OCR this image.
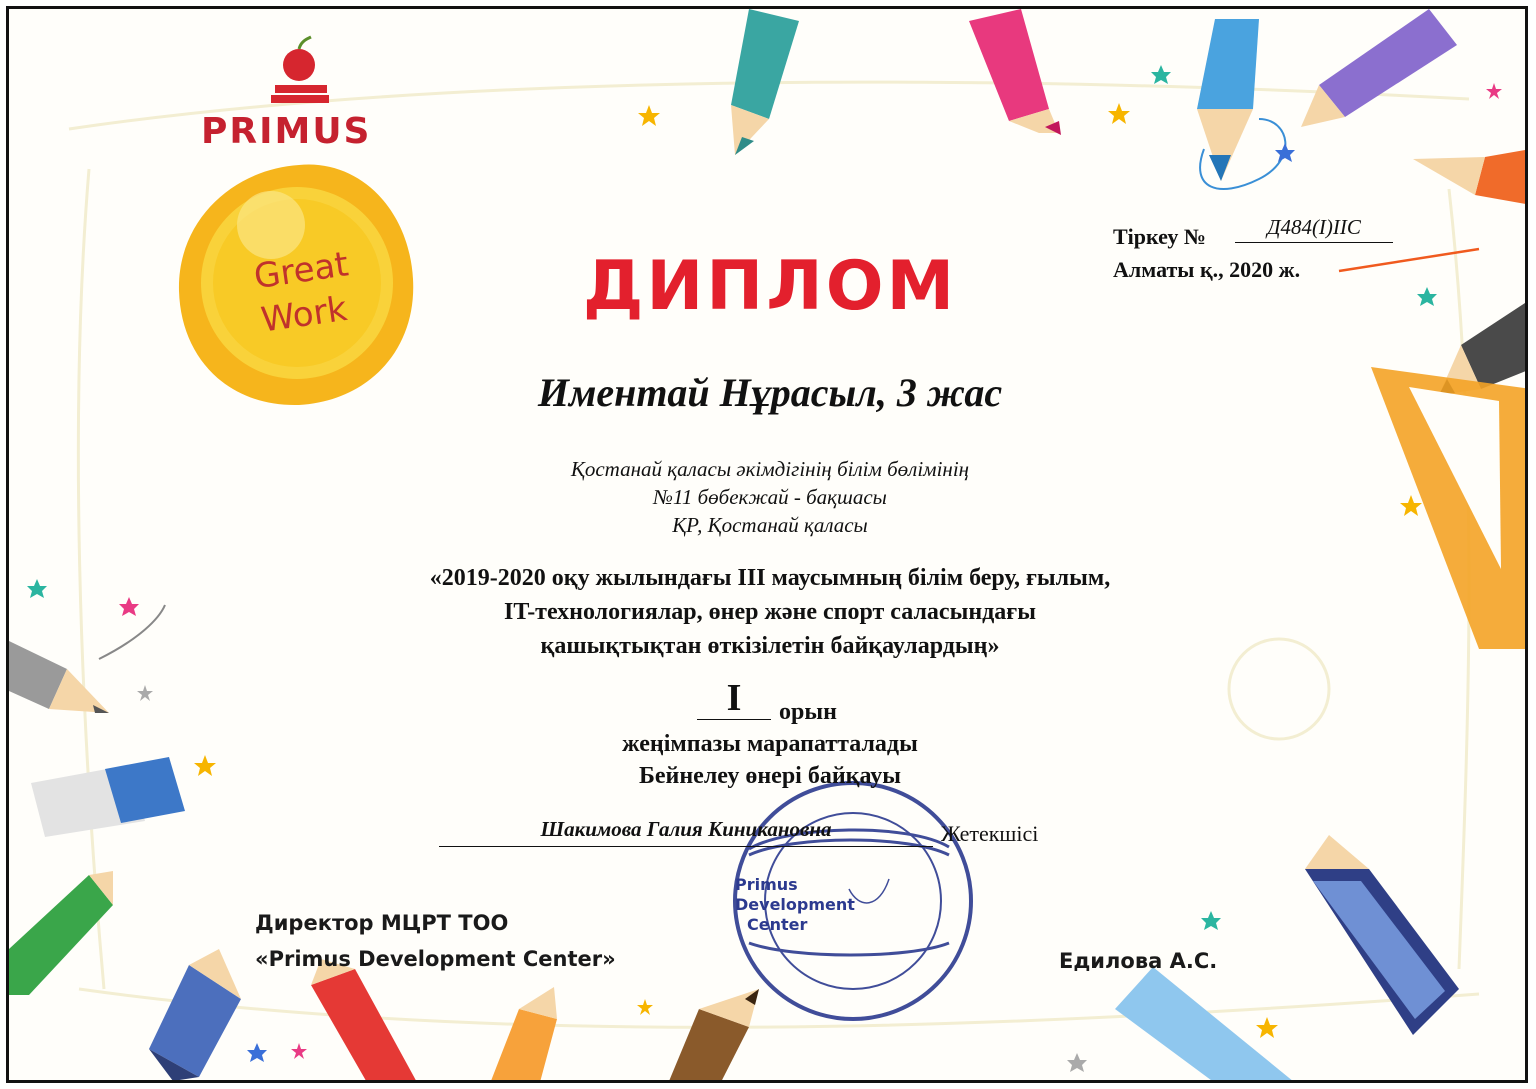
PRIMUS
Great
Work
Тіркеу №	Д484(I)ІІС
Алматы қ., 2020 ж.
ДИПЛОМ
Иментай Нұрасыл, 3 жас
Қостанай қаласы әкімдігінің білім бөлімінің
№11 бөбекжай - бақшасы
ҚР, Қостанай қаласы
«2019-2020 оқу жылындағы ІІІ маусымның білім беру, ғылым,
IT-технологиялар, өнер және спорт саласындағы
қашықтықтан өткізілетін байқаулардың»
I	орын
жеңімпазы марапатталады
Бейнелеу өнері байқауы
Шакимова Галия Киникановна	Жетекшісі
Primus
Development
Center
Директор МЦРТ ТОО
«Primus Development Center»	Едилова А.С.
